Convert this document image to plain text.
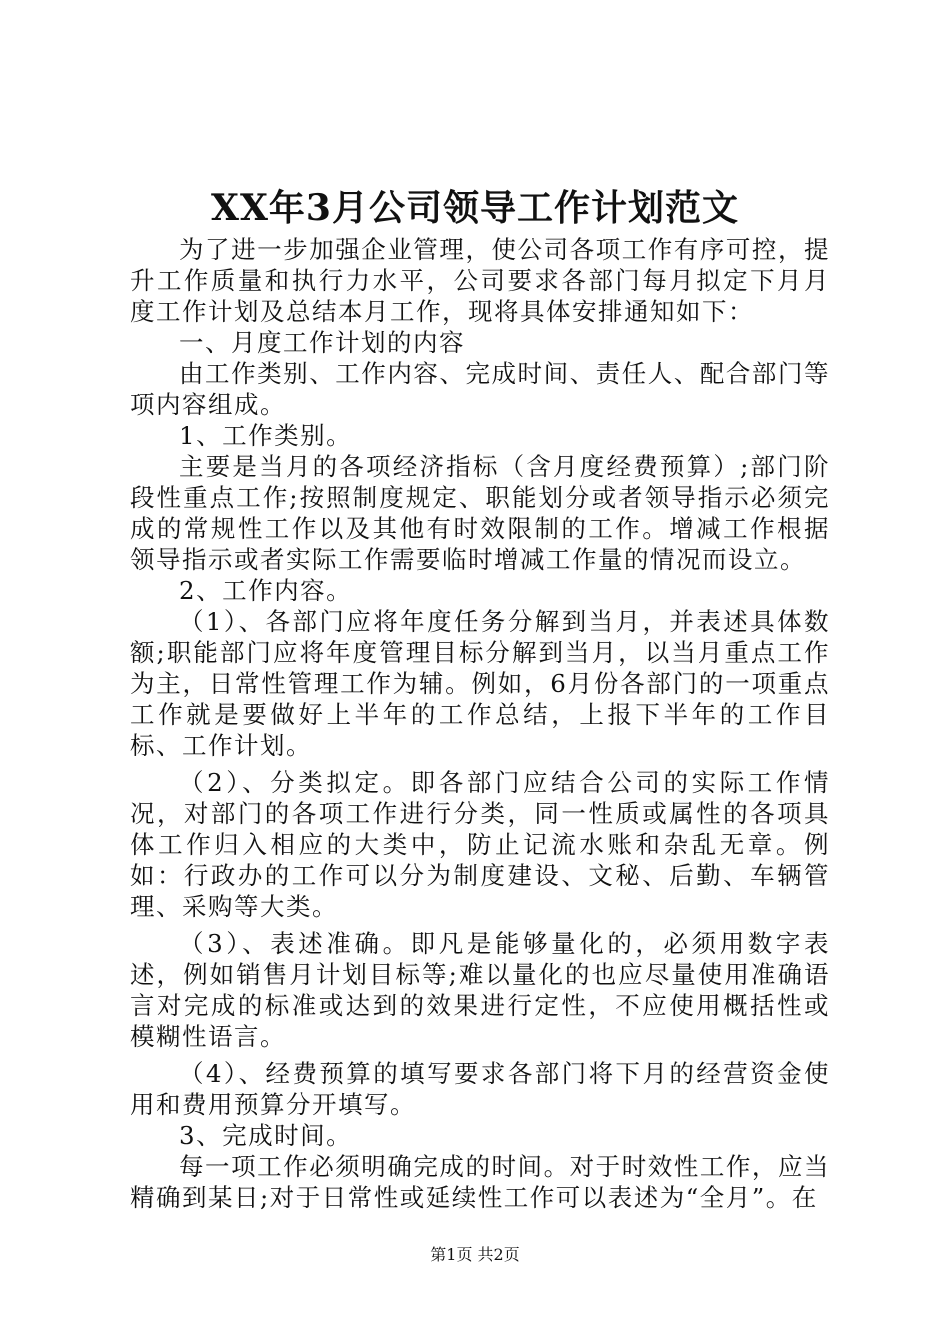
XX年3月公司领导工作计划范文

为了进一步加强企业管理，使公司各项工作有序可控，提升工作质量和执行力水平，公司要求各部门每月拟定下月月度工作计划及总结本月工作，现将具体安排通知如下：

一、月度工作计划的内容

由工作类别、工作内容、完成时间、责任人、配合部门等项内容组成。

1、工作类别。

主要是当月的各项经济指标（含月度经费预算）;部门阶段性重点工作;按照制度规定、职能划分或者领导指示必须完成的常规性工作以及其他有时效限制的工作。增减工作根据领导指示或者实际工作需要临时增减工作量的情况而设立。

2、工作内容。

（1）、各部门应将年度任务分解到当月，并表述具体数额;职能部门应将年度管理目标分解到当月，以当月重点工作为主，日常性管理工作为辅。例如，6月份各部门的一项重点工作就是要做好上半年的工作总结，上报下半年的工作目标、工作计划。

（2）、分类拟定。即各部门应结合公司的实际工作情况，对部门的各项工作进行分类，同一性质或属性的各项具体工作归入相应的大类中，防止记流水账和杂乱无章。例如：行政办的工作可以分为制度建设、文秘、后勤、车辆管理、采购等大类。

（3）、表述准确。即凡是能够量化的，必须用数字表述，例如销售月计划目标等;难以量化的也应尽量使用准确语言对完成的标准或达到的效果进行定性，不应使用概括性或模糊性语言。

（4）、经费预算的填写要求各部门将下月的经营资金使用和费用预算分开填写。

3、完成时间。

每一项工作必须明确完成的时间。对于时效性工作，应当精确到某日;对于日常性或延续性工作可以表述为“全月”。在

第1页 共2页
